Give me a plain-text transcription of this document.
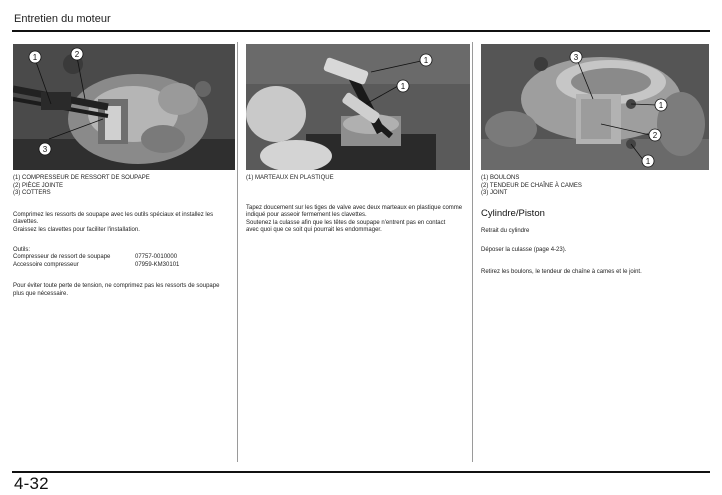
Entretien du moteur
1	2
3
(1) COMPRESSEUR DE RESSORT DE SOUPAPE
(2) PIÈCE JOINTE
(3) COTTERS
Comprimez les ressorts de soupape avec les outils spéciaux et installez les
clavettes.
Graissez les clavettes pour faciliter l'installation.
Outils:
Compresseur de ressort de soupape	07757-0010000
Accessoire compresseur	07959-KM30101
Pour éviter toute perte de tension, ne comprimez pas les ressorts de soupape
plus que nécessaire.
1
1
(1) MARTEAUX EN PLASTIQUE
Tapez doucement sur les tiges de valve avec deux marteaux en plastique comme
indiqué pour asseoir fermement les clavettes.
Soutenez la culasse afin que les têtes de soupape n'entrent pas en contact
avec quoi que ce soit qui pourrait les endommager.
3
1
2
1
(1) BOULONS
(2) TENDEUR DE CHAÎNE À CAMES
(3) JOINT
Cylindre/Piston
Retrait du cylindre
Déposer la culasse (page 4-23).
Retirez les boulons, le tendeur de chaîne à cames et le joint.
4-32
